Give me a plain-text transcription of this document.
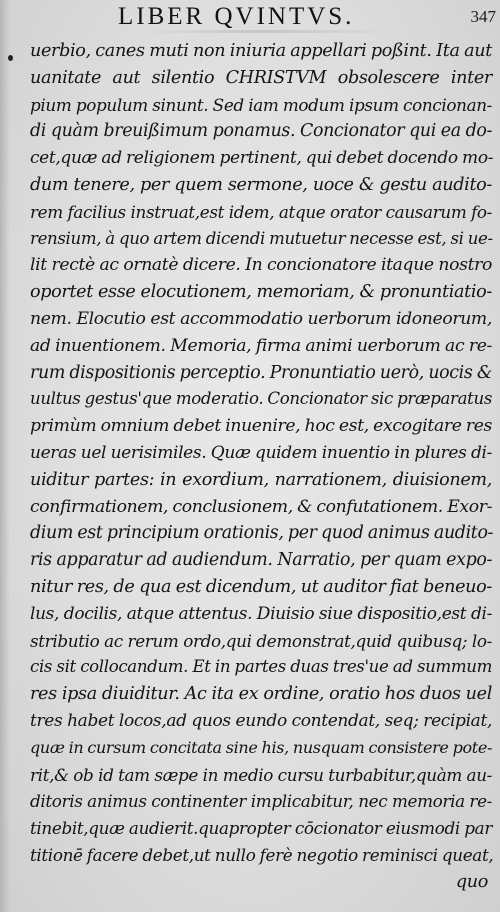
LIBER QVINTVS.	347
uerbio, canes muti non iniuria appellari poßint. Ita aut
uanitate aut silentio CHRISTVM obsolescere inter
pium populum sinunt. Sed iam modum ipsum concionan-
di quàm breuißimum ponamus. Concionator qui ea do-
cet,quæ ad religionem pertinent, qui debet docendo mo-
dum tenere, per quem sermone, uoce & gestu audito-
rem facilius instruat,est idem, atque orator causarum fo-
rensium, à quo artem dicendi mutuetur necesse est, si ue-
lit rectè ac ornatè dicere. In concionatore itaque nostro
oportet esse elocutionem, memoriam, & pronuntiatio-
nem. Elocutio est accommodatio uerborum idoneorum,
ad inuentionem. Memoria, firma animi uerborum ac re-
rum dispositionis perceptio. Pronuntiatio uerò, uocis &
uultus gestus'que moderatio. Concionator sic præparatus
primùm omnium debet inuenire, hoc est, excogitare res
ueras uel uerisimiles. Quæ quidem inuentio in plures di-
uiditur partes: in exordium, narrationem, diuisionem,
confirmationem, conclusionem, & confutationem. Exor-
dium est principium orationis, per quod animus audito-
ris apparatur ad audiendum. Narratio, per quam expo-
nitur res, de qua est dicendum, ut auditor fiat beneuo-
lus, docilis, atque attentus. Diuisio siue dispositio,est di-
stributio ac rerum ordo,qui demonstrat,quid quibusq; lo-
cis sit collocandum. Et in partes duas tres'ue ad summum
res ipsa diuiditur. Ac ita ex ordine, oratio hos duos uel
tres habet locos,ad quos eundo contendat, seq; recipiat,
quæ in cursum concitata sine his, nusquam consistere pote-
rit,& ob id tam sæpe in medio cursu turbabitur,quàm au-
ditoris animus continenter implicabitur, nec memoria re-
tinebit,quæ audierit.quapropter cōcionator eiusmodi par
titionē facere debet,ut nullo ferè negotio reminisci queat,
quo
